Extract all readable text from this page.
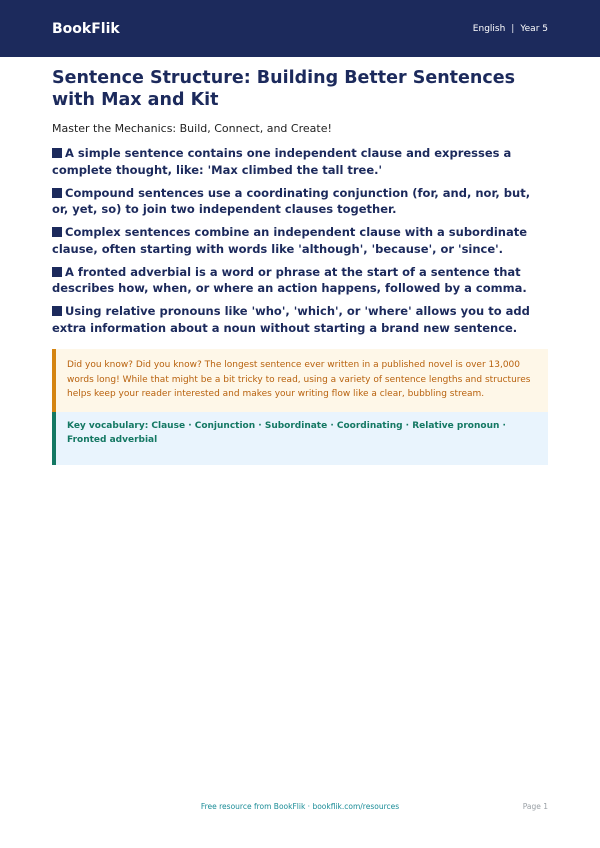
BookFlik	English | Year 5
Sentence Structure: Building Better Sentences with Max and Kit

Master the Mechanics: Build, Connect, and Create!

A simple sentence contains one independent clause and expresses a complete thought, like: 'Max climbed the tall tree.'
Compound sentences use a coordinating conjunction (for, and, nor, but, or, yet, so) to join two independent clauses together.
Complex sentences combine an independent clause with a subordinate clause, often starting with words like 'although', 'because', or 'since'.
A fronted adverbial is a word or phrase at the start of a sentence that describes how, when, or where an action happens, followed by a comma.
Using relative pronouns like 'who', 'which', or 'where' allows you to add extra information about a noun without starting a brand new sentence.
Did you know? Did you know? The longest sentence ever written in a published novel is over 13,000 words long! While that might be a bit tricky to read, using a variety of sentence lengths and structures helps keep your reader interested and makes your writing flow like a clear, bubbling stream.
Key vocabulary: Clause · Conjunction · Subordinate · Coordinating · Relative pronoun · Fronted adverbial
Free resource from BookFlik · bookflik.com/resources	Page 1
